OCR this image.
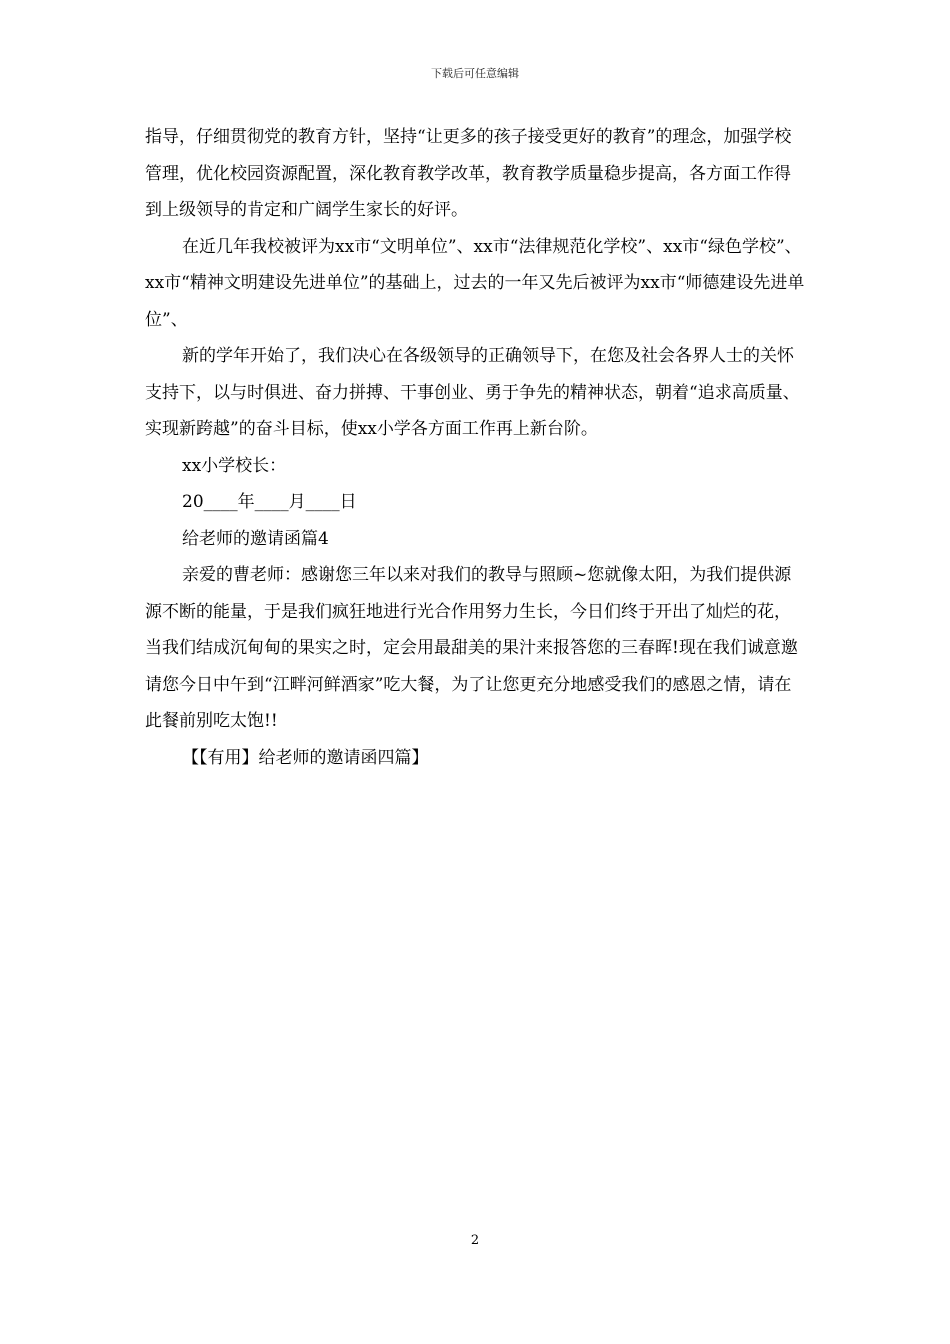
下载后可任意编辑

指导，仔细贯彻党的教育方针，坚持“让更多的孩子接受更好的教育”的理念，加强学校管理，优化校园资源配置，深化教育教学改革，教育教学质量稳步提高，各方面工作得到上级领导的肯定和广阔学生家长的好评。

在近几年我校被评为xx市“文明单位”、xx市“法律规范化学校”、xx市“绿色学校”、xx市“精神文明建设先进单位”的基础上，过去的一年又先后被评为xx市“师德建设先进单位”、

新的学年开始了，我们决心在各级领导的正确领导下，在您及社会各界人士的关怀支持下，以与时俱进、奋力拼搏、干事创业、勇于争先的精神状态，朝着“追求高质量、实现新跨越”的奋斗目标，使xx小学各方面工作再上新台阶。

xx小学校长：

20____年____月____日

给老师的邀请函篇4

亲爱的曹老师：感谢您三年以来对我们的教导与照顾~您就像太阳，为我们提供源源不断的能量，于是我们疯狂地进行光合作用努力生长，今日们终于开出了灿烂的花，当我们结成沉甸甸的果实之时，定会用最甜美的果汁来报答您的三春晖!现在我们诚意邀请您今日中午到“江畔河鲜酒家”吃大餐，为了让您更充分地感受我们的感恩之情，请在此餐前别吃太饱!!

【【有用】给老师的邀请函四篇】

2
